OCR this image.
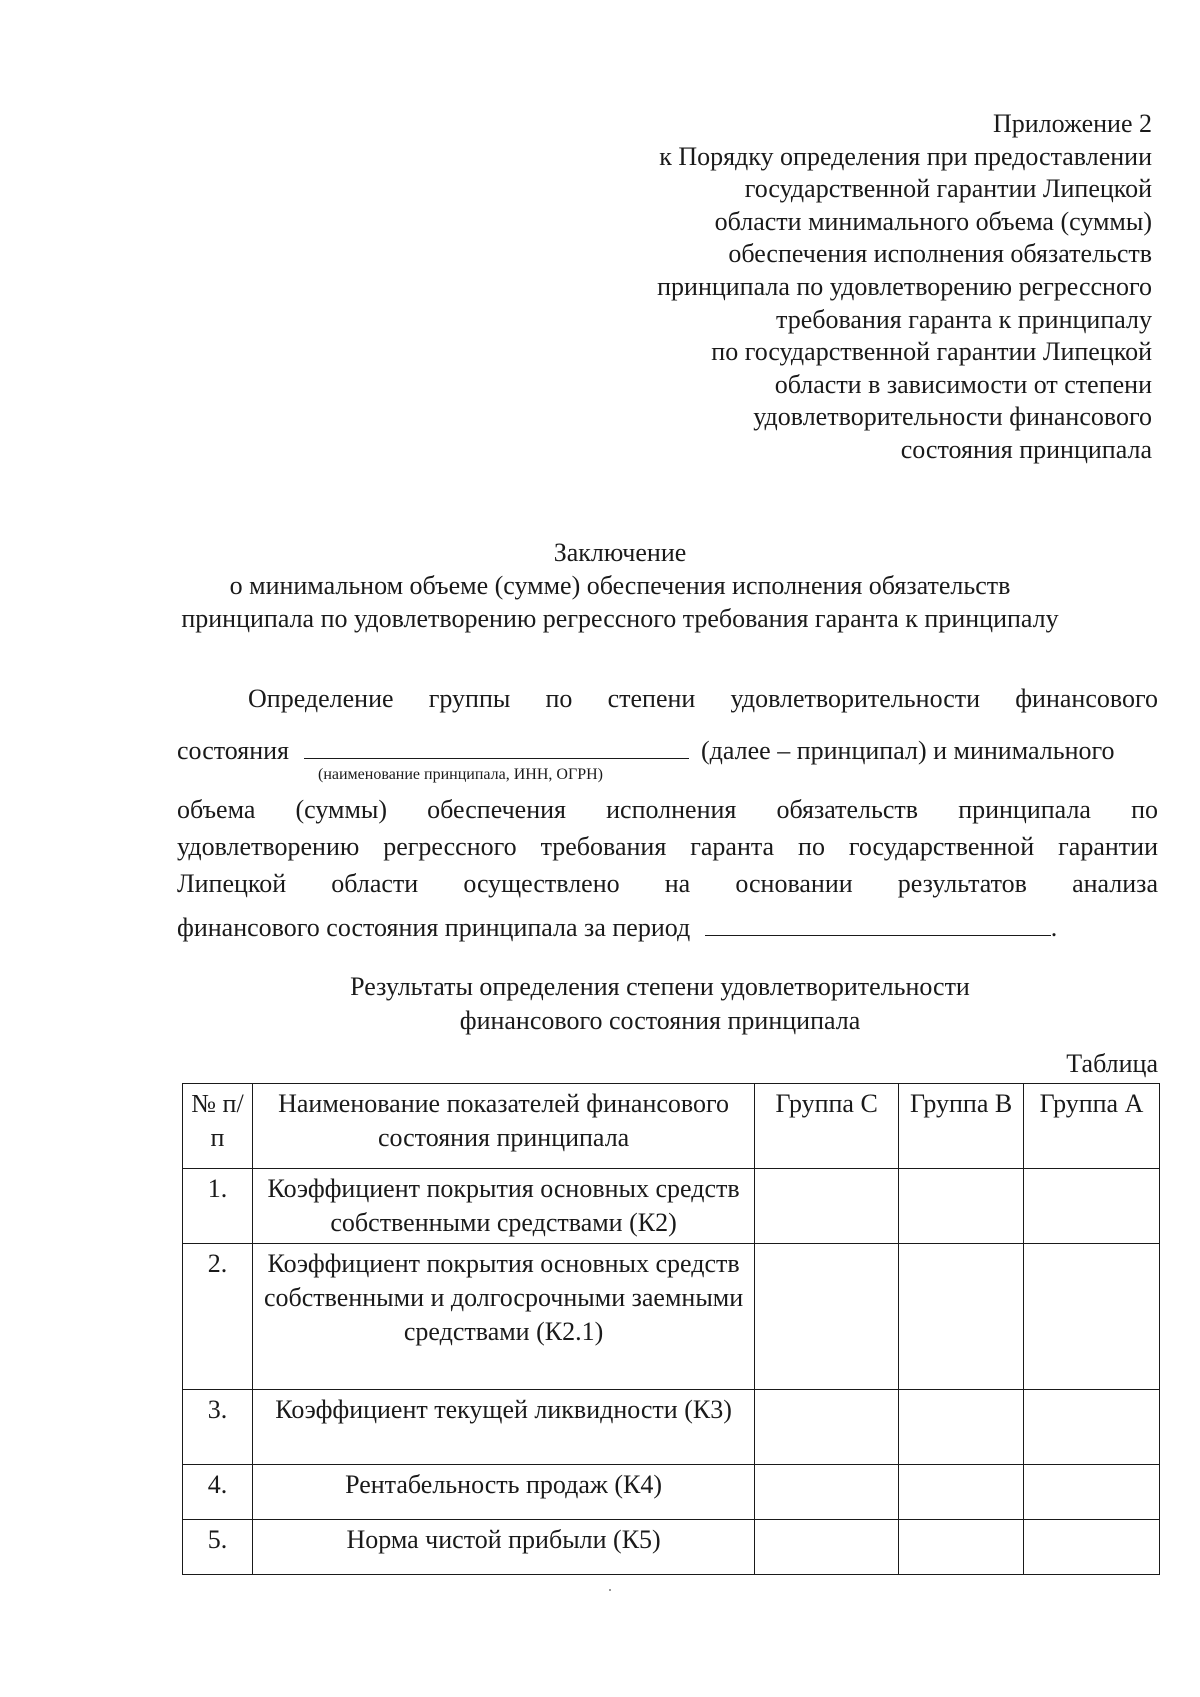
Приложение 2
к Порядку определения при предоставлении
государственной гарантии Липецкой
области минимального объема (суммы)
обеспечения исполнения обязательств
принципала по удовлетворению регрессного
требования гаранта к принципалу
по государственной гарантии Липецкой
области в зависимости от степени
удовлетворительности финансового
состояния принципала
Заключение
о минимальном объеме (сумме) обеспечения исполнения обязательств
принципала по удовлетворению регрессного требования гаранта к принципалу
Определение группы по степени удовлетворительности финансового
состояния	(далее – принципал) и минимального
(наименование принципала, ИНН, ОГРН)
объема (суммы) обеспечения исполнения обязательств принципала по
удовлетворению регрессного требования гаранта по государственной гарантии
Липецкой области осуществлено на основании результатов анализа
финансового состояния принципала за период	.
Результаты определения степени удовлетворительности
финансового состояния принципала
Таблица
№ п/п	Наименование показателей финансового состояния принципала	Группа С	Группа В	Группа А
1.	Коэффициент покрытия основных средств собственными средствами (К2)			
2.	Коэффициент покрытия основных средств собственными и долгосрочными заемными средствами (К2.1)			
3.	Коэффициент текущей ликвидности (К3)			
4.	Рентабельность продаж (К4)			
5.	Норма чистой прибыли (К5)			
